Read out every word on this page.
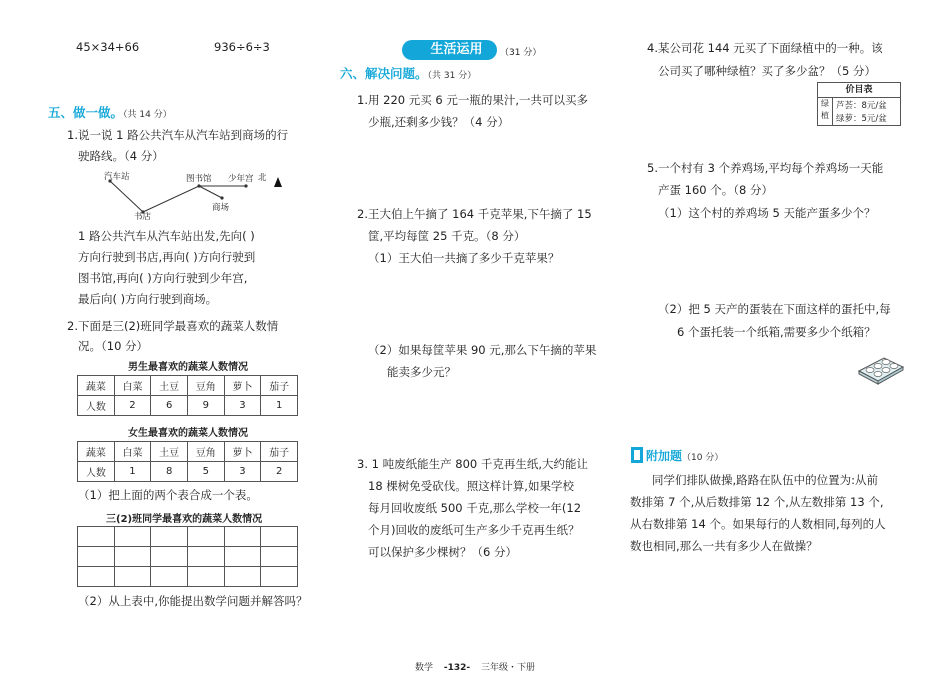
45×34+66	936÷6÷3
五、做一做。（共 14 分）
1.说一说 1 路公共汽车从汽车站到商场的行
驶路线。（4 分）
汽车站
书店
图书馆 少年宫
商场
北
1 路公共汽车从汽车站出发,先向( )
方向行驶到书店,再向( )方向行驶到
图书馆,再向( )方向行驶到少年宫,
最后向( )方向行驶到商场。
2.下面是三(2)班同学最喜欢的蔬菜人数情
况。（10 分）
男生最喜欢的蔬菜人数情况
蔬菜	白菜	土豆	豆角	萝卜	茄子
人数	2	6	9	3	1
女生最喜欢的蔬菜人数情况
蔬菜	白菜	土豆	豆角	萝卜	茄子
人数	1	8	5	3	2
（1）把上面的两个表合成一个表。
三(2)班同学最喜欢的蔬菜人数情况

（2）从上表中,你能提出数学问题并解答吗？
生活运用	（31 分）
六、解决问题。（共 31 分）
1.用 220 元买 6 元一瓶的果汁,一共可以买多
少瓶,还剩多少钱？（4 分）
2.王大伯上午摘了 164 千克苹果,下午摘了 15
筐,平均每筐 25 千克。（8 分）
（1）王大伯一共摘了多少千克苹果？
（2）如果每筐苹果 90 元,那么下午摘的苹果
能卖多少元？
3. 1 吨废纸能生产 800 千克再生纸,大约能让
18 棵树免受砍伐。照这样计算,如果学校
每月回收废纸 500 千克,那么学校一年(12
个月)回收的废纸可生产多少千克再生纸？
可以保护多少棵树？（6 分）
4.某公司花 144 元买了下面绿植中的一种。该
公司买了哪种绿植？买了多少盆？（5 分）
价目表
绿植
芦荟：8元/盆
绿萝：5元/盆
5.一个村有 3 个养鸡场,平均每个养鸡场一天能
产蛋 160 个。（8 分）
（1）这个村的养鸡场 5 天能产蛋多少个？
（2）把 5 天产的蛋装在下面这样的蛋托中,每
6 个蛋托装一个纸箱,需要多少个纸箱？
附加题（10 分）
同学们排队做操,路路在队伍中的位置为:从前
数排第 7 个,从后数排第 12 个,从左数排第 13 个,
从右数排第 14 个。如果每行的人数相同,每列的人
数也相同,那么一共有多少人在做操？
数学 -132- 三年级・下册
